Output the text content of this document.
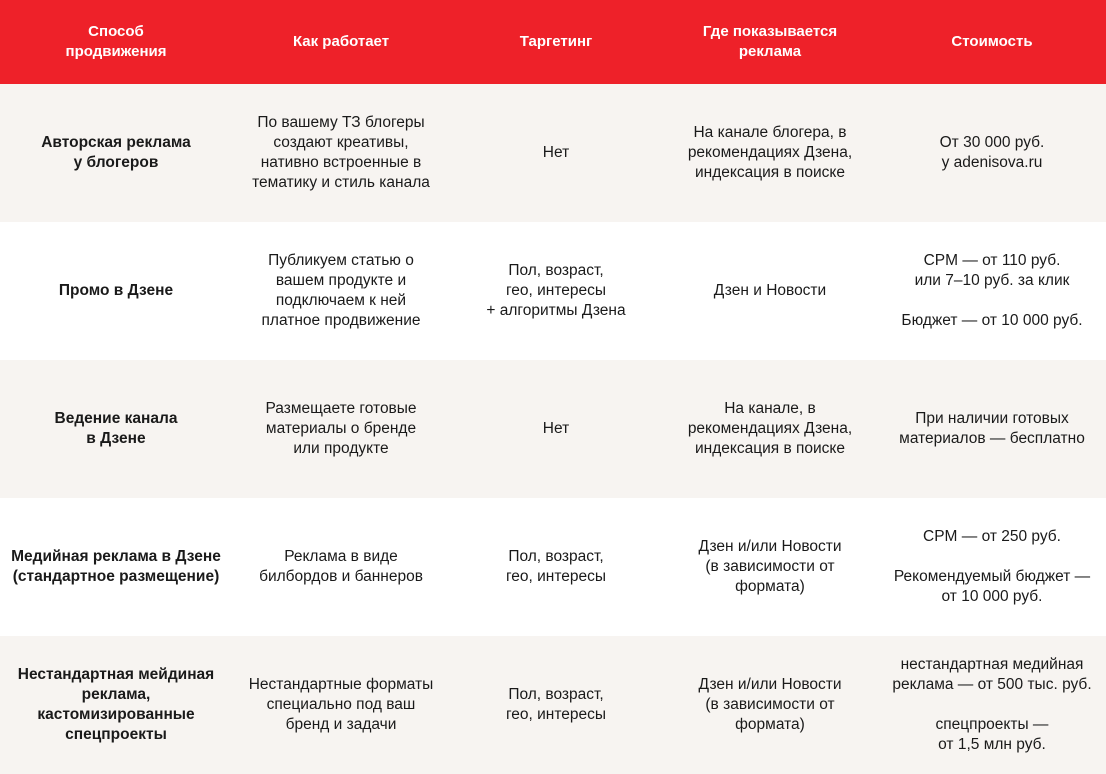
Способ
продвижения
Как работает	Таргетинг
Где показывается
реклама
Стоимость
Авторская реклама
у блогеров
По вашему ТЗ блогеры
создают креативы,
нативно встроенные в
тематику и стиль канала
Нет
На канале блогера, в
рекомендациях Дзена,
индексация в поиске
От 30 000 руб.
у adenisova.ru
Промо в Дзене
Публикуем статью о
вашем продукте и
подключаем к ней
платное продвижение
Пол, возраст,
гео, интересы
+ алгоритмы Дзена
Дзен и Новости
CPM — от 110 руб.
или 7–10 руб. за клик

Бюджет — от 10 000 руб.
Ведение канала
в Дзене
Размещаете готовые
материалы о бренде
или продукте
Нет
На канале, в
рекомендациях Дзена,
индексация в поиске
При наличии готовых
материалов — бесплатно
Медийная реклама в Дзене
(стандартное размещение)
Реклама в виде
билбордов и баннеров
Пол, возраст,
гео, интересы
Дзен и/или Новости
(в зависимости от
формата)
CPM — от 250 руб.

Рекомендуемый бюджет —
от 10 000 руб.
Нестандартная мейдиная
реклама,
кастомизированные
спецпроекты
Нестандартные форматы
специально под ваш
бренд и задачи
Пол, возраст,
гео, интересы
Дзен и/или Новости
(в зависимости от
формата)
нестандартная медийная
реклама — от 500 тыс. руб.

спецпроекты —
от 1,5 млн руб.
